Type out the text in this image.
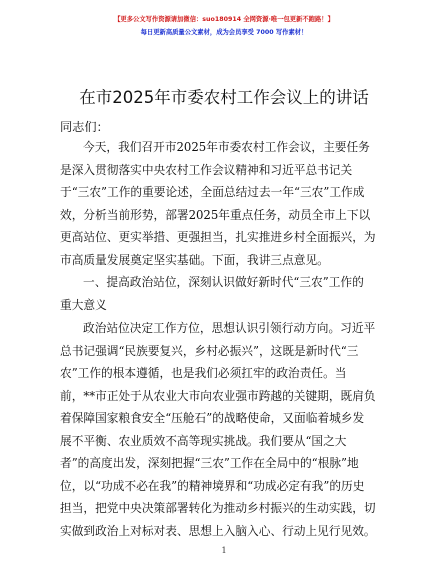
【更多公文写作资源请加微信：suo180914 全网资源·唯一包更新不跑路！】
每日更新高质量公文素材，成为会员享受 7000 写作素材！
在市2025年市委农村工作会议上的讲话
同志们：
今天，我们召开市2025年市委农村工作会议，主要任务
是深入贯彻落实中央农村工作会议精神和习近平总书记关
于“三农”工作的重要论述，全面总结过去一年“三农”工作成
效，分析当前形势，部署2025年重点任务，动员全市上下以
更高站位、更实举措、更强担当，扎实推进乡村全面振兴，为
市高质量发展奠定坚实基础。下面，我讲三点意见。
一、提高政治站位，深刻认识做好新时代“三农”工作的
重大意义
政治站位决定工作方位，思想认识引领行动方向。习近平
总书记强调“民族要复兴，乡村必振兴”，这既是新时代“三
农”工作的根本遵循，也是我们必须扛牢的政治责任。当
前，**市正处于从农业大市向农业强市跨越的关键期，既肩负
着保障国家粮食安全“压舱石”的战略使命，又面临着城乡发
展不平衡、农业质效不高等现实挑战。我们要从“国之大
者”的高度出发，深刻把握“三农”工作在全局中的“根脉”地
位，以“功成不必在我”的精神境界和“功成必定有我”的历史
担当，把党中央决策部署转化为推动乡村振兴的生动实践，切
实做到政治上对标对表、思想上入脑入心、行动上见行见效。
1
